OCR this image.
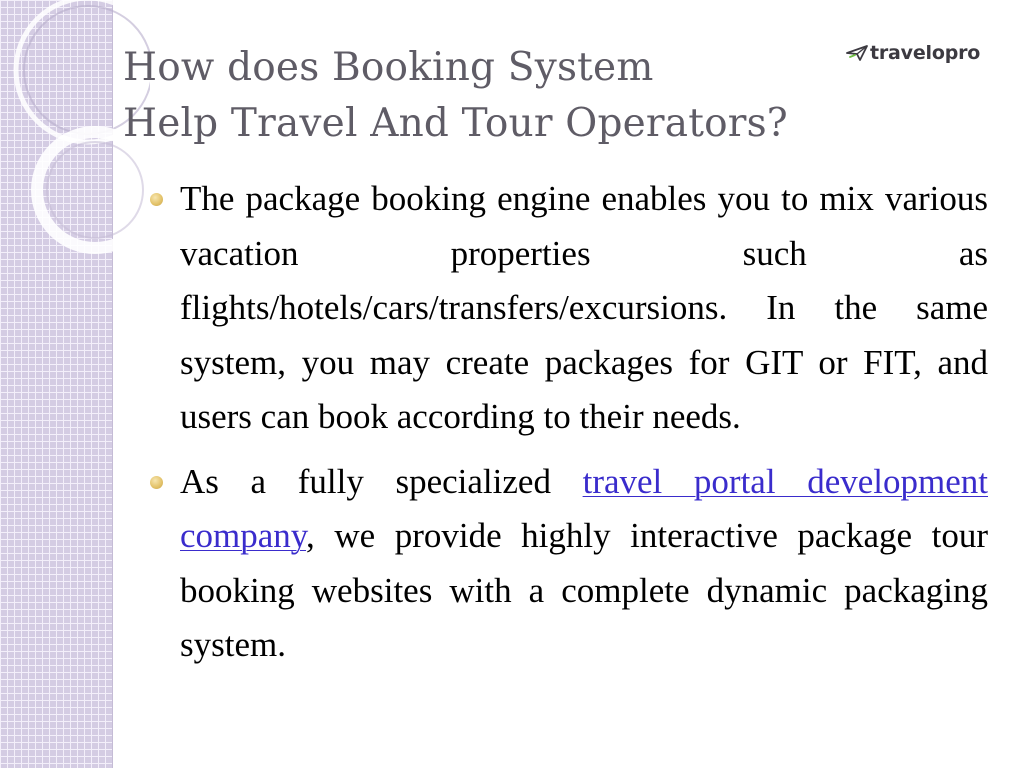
How does Booking System
Help Travel And Tour Operators?
travelopro
The package booking engine enables you to mix various vacation properties such as flights/hotels/cars/transfers/excursions. In the same system, you may create packages for GIT or FIT, and users can book according to their needs.
As a fully specialized travel portal development company, we provide highly interactive package tour booking websites with a complete dynamic packaging system.
